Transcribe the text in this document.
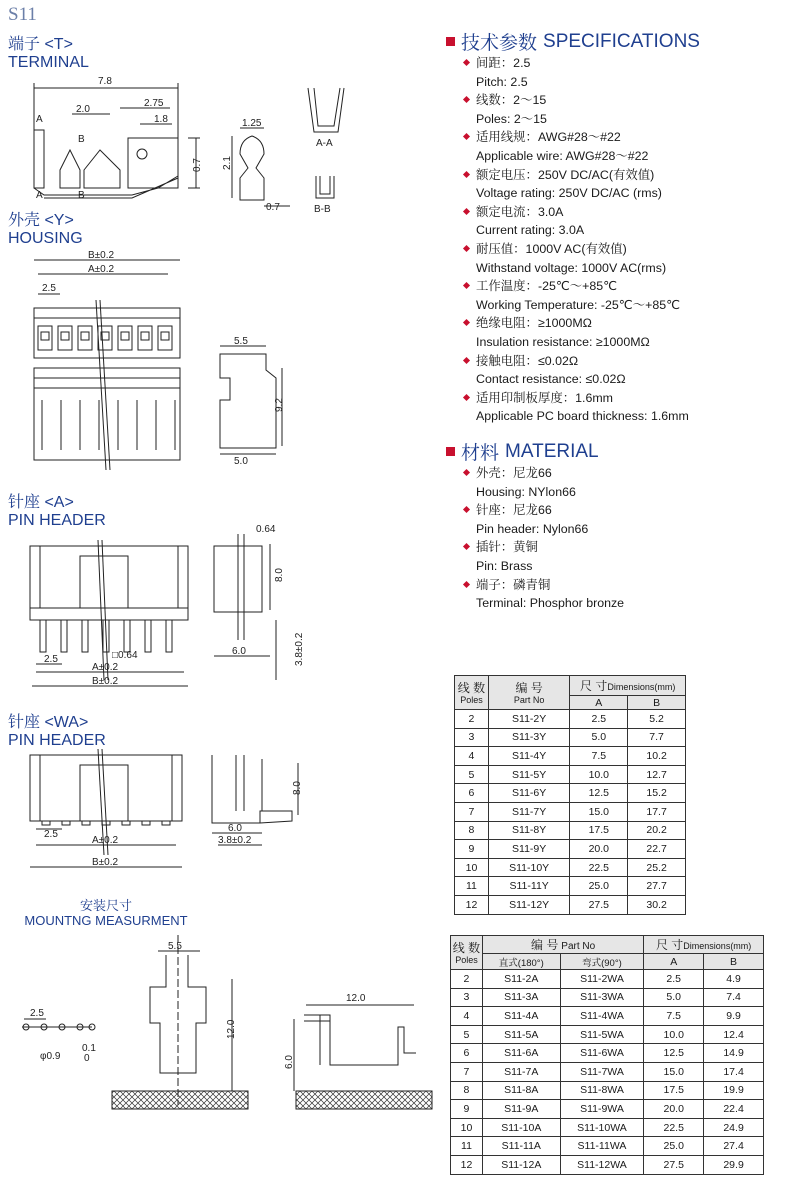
S11
端子 <T>
TERMINAL
外壳 <Y>
HOUSING
针座 <A>
PIN HEADER
针座 <WA>
PIN HEADER
安装尺寸
MOUNTNG MEASURMENT
7.8
2.0
2.75
1.8
A
A
B
B
0.7
1.25
2.1
0.7
A-A
B-B
B±0.2
A±0.2
2.5
5.5
9.2
5.0
0.64
8.0
2.5	□0.64
A±0.2
B±0.2
6.0	3.8±0.2
8.0
2.5
A±0.2
B±0.2
6.0
3.8±0.2
2.5
φ0.9
0.1
0
5.5
12.0
12.0
6.0
技术参数 SPECIFICATIONS
间距：2.5
Pitch: 2.5
线数：2～15
Poles: 2～15
适用线规：AWG#28～#22
Applicable wire: AWG#28～#22
额定电压：250V DC/AC(有效值)
Voltage rating: 250V DC/AC (rms)
额定电流：3.0A
Current rating: 3.0A
耐压值：1000V AC(有效值)
Withstand voltage: 1000V AC(rms)
工作温度：-25℃～+85℃
Working Temperature: -25℃～+85℃
绝缘电阻：≥1000MΩ
Insulation resistance: ≥1000MΩ
接触电阻：≤0.02Ω
Contact resistance: ≤0.02Ω
适用印制板厚度：1.6mm
Applicable PC board thickness: 1.6mm
材料 MATERIAL
外壳：尼龙66
Housing: NYlon66
针座：尼龙66
Pin header: Nylon66
插针：黄铜
Pin: Brass
端子：磷青铜
Terminal: Phosphor bronze
线 数
Poles	编 号
Part No	尺 寸Dimensions(mm)	
		A	B
2	S11-2Y	2.5	5.2
3	S11-3Y	5.0	7.7
4	S11-4Y	7.5	10.2
5	S11-5Y	10.0	12.7
6	S11-6Y	12.5	15.2
7	S11-7Y	15.0	17.7
8	S11-8Y	17.5	20.2
9	S11-9Y	20.0	22.7
10	S11-10Y	22.5	25.2
11	S11-11Y	25.0	27.7
12	S11-12Y	27.5	30.2
线 数
Poles	编 号 Part No		尺 寸Dimensions(mm)	
	直式(180°)	弯式(90°)	A	B
2	S11-2A	S11-2WA	2.5	4.9
3	S11-3A	S11-3WA	5.0	7.4
4	S11-4A	S11-4WA	7.5	9.9
5	S11-5A	S11-5WA	10.0	12.4
6	S11-6A	S11-6WA	12.5	14.9
7	S11-7A	S11-7WA	15.0	17.4
8	S11-8A	S11-8WA	17.5	19.9
9	S11-9A	S11-9WA	20.0	22.4
10	S11-10A	S11-10WA	22.5	24.9
11	S11-11A	S11-11WA	25.0	27.4
12	S11-12A	S11-12WA	27.5	29.9
